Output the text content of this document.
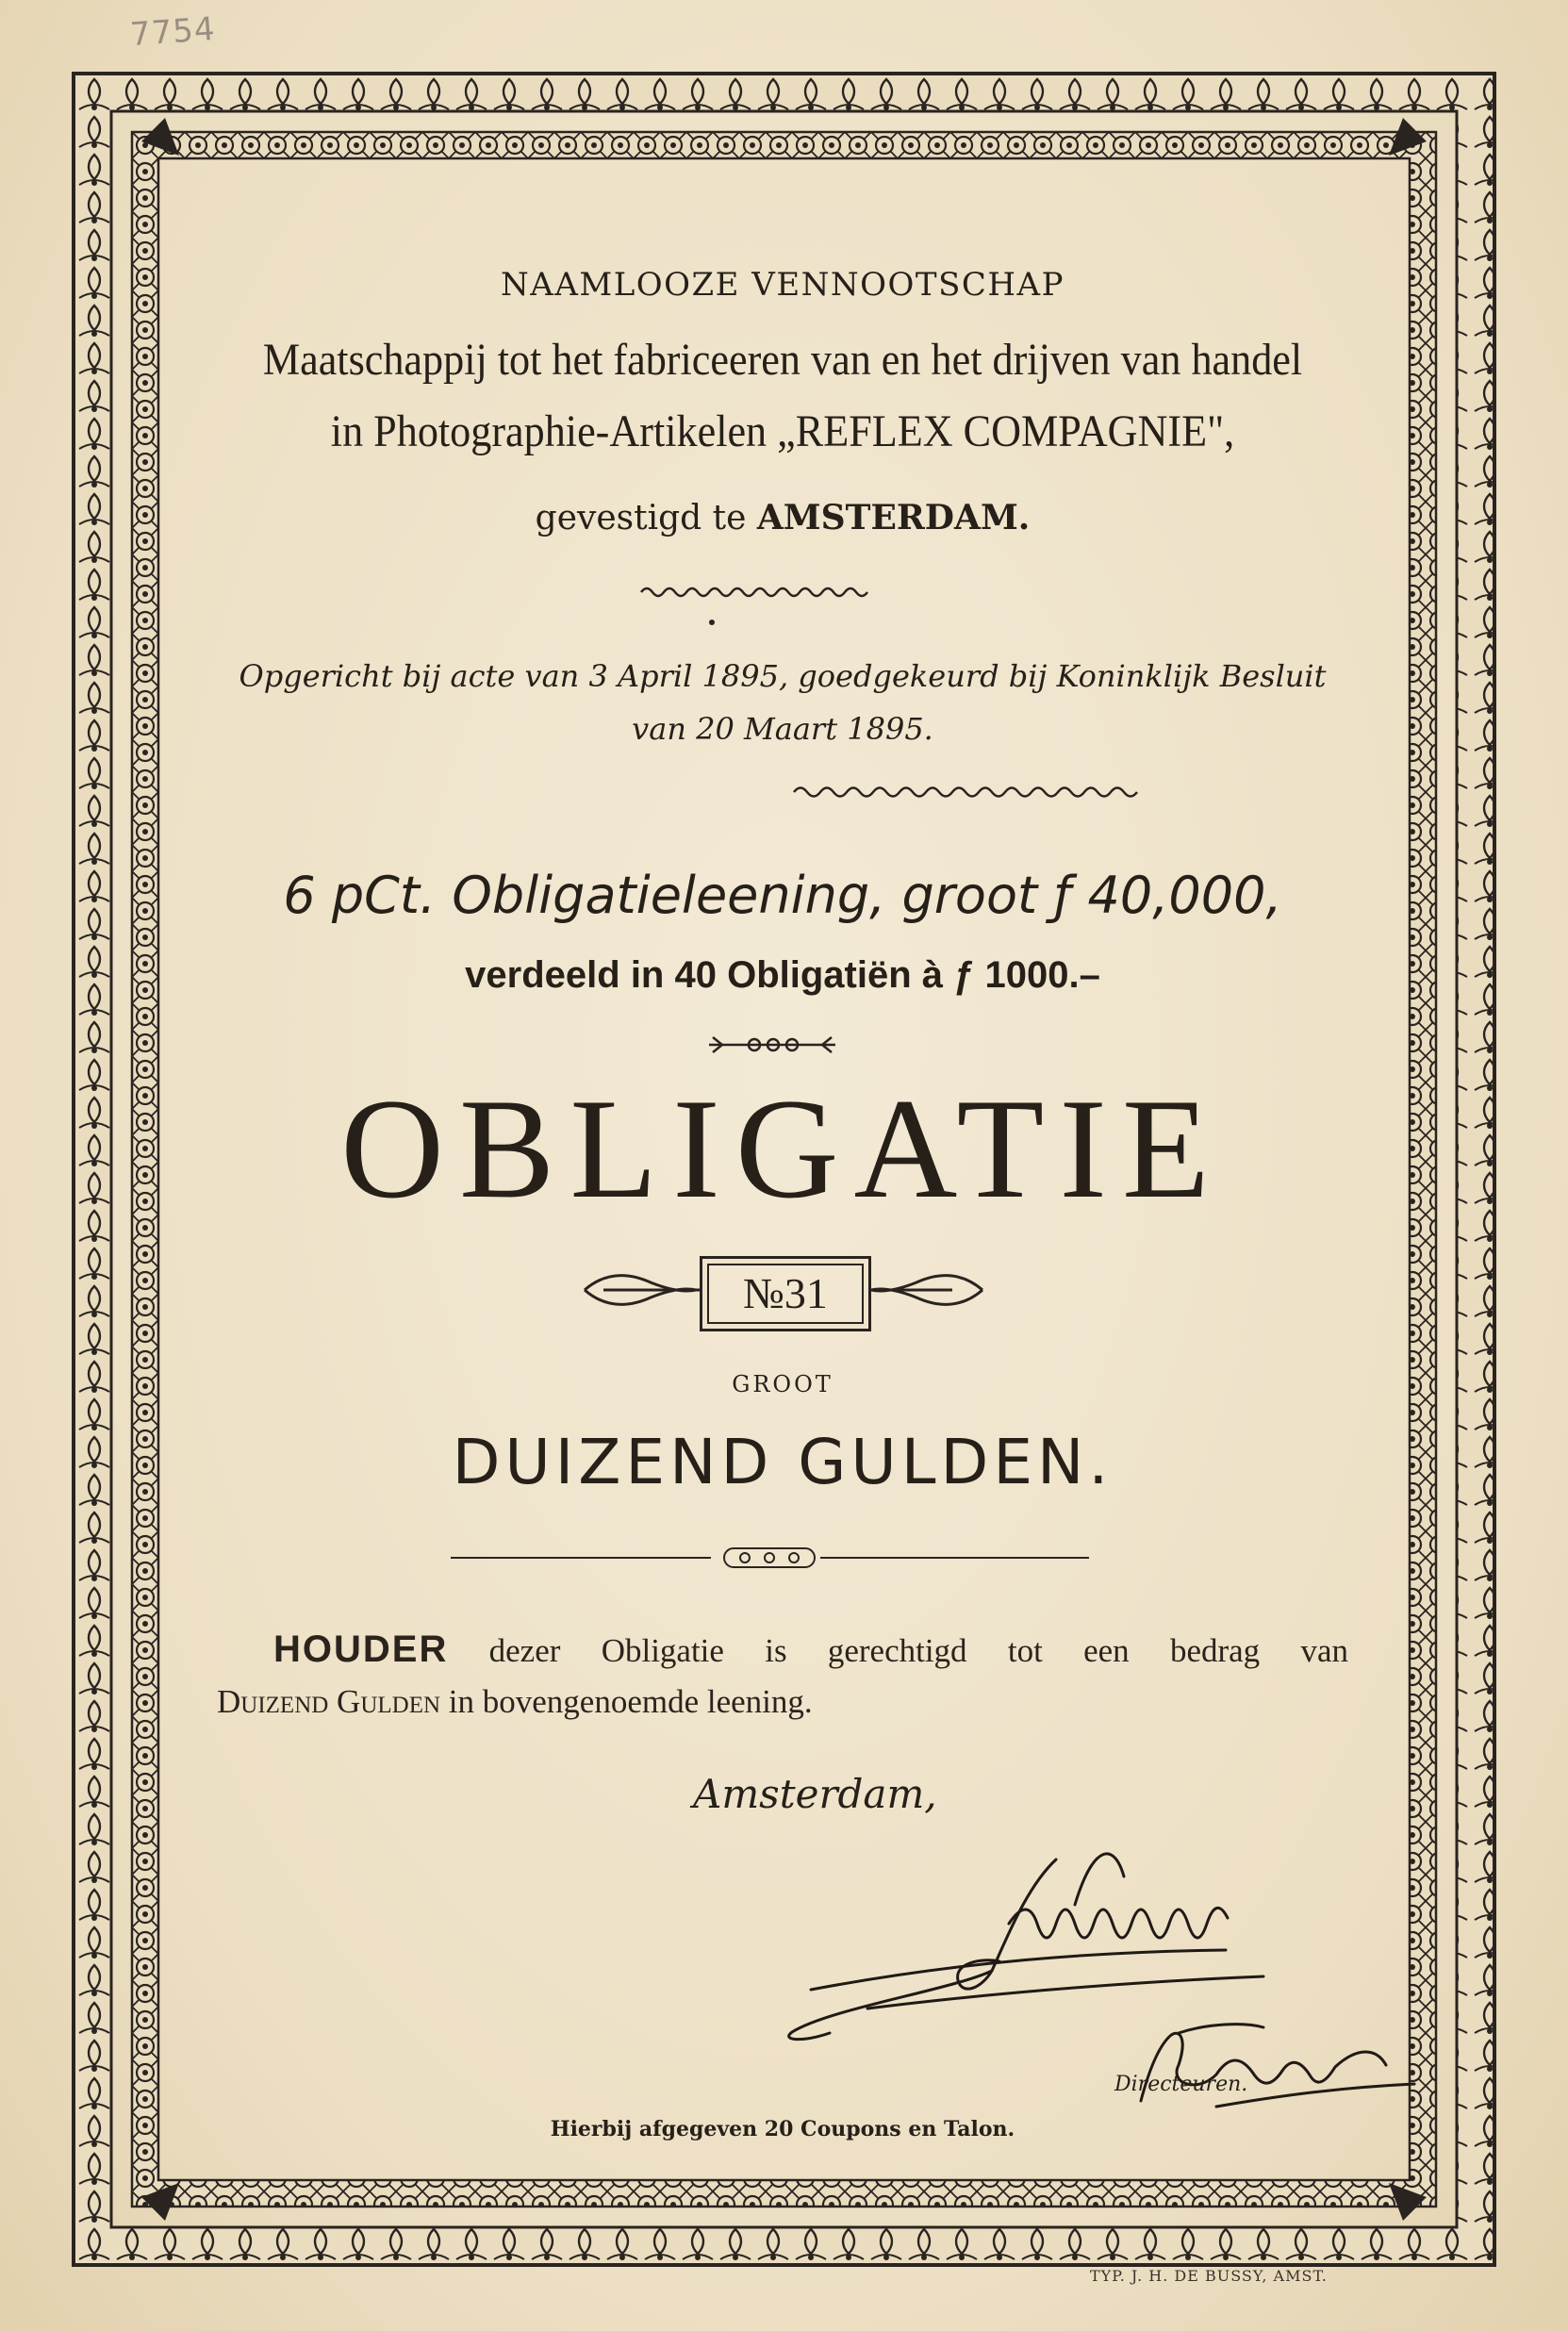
7754
NAAMLOOZE VENNOOTSCHAP
Maatschappij tot het fabriceeren van en het drijven van handel
in Photographie-Artikelen „REFLEX COMPAGNIE",
gevestigd te AMSTERDAM.
Opgericht bij acte van 3 April 1895, goedgekeurd bij Koninklijk Besluit
van 20 Maart 1895.
6 pCt. Obligatieleening, groot ƒ 40,000,
verdeeld in 40 Obligatiën à ƒ 1000.–
OBLIGATIE
№31
GROOT
DUIZEND GULDEN.
HOUDER dezer Obligatie is gerechtigd tot een bedrag van
Duizend Gulden in bovengenoemde leening.
Amsterdam,
Directeuren.
Hierbij afgegeven 20 Coupons en Talon.
TYP. J. H. DE BUSSY, AMST.
